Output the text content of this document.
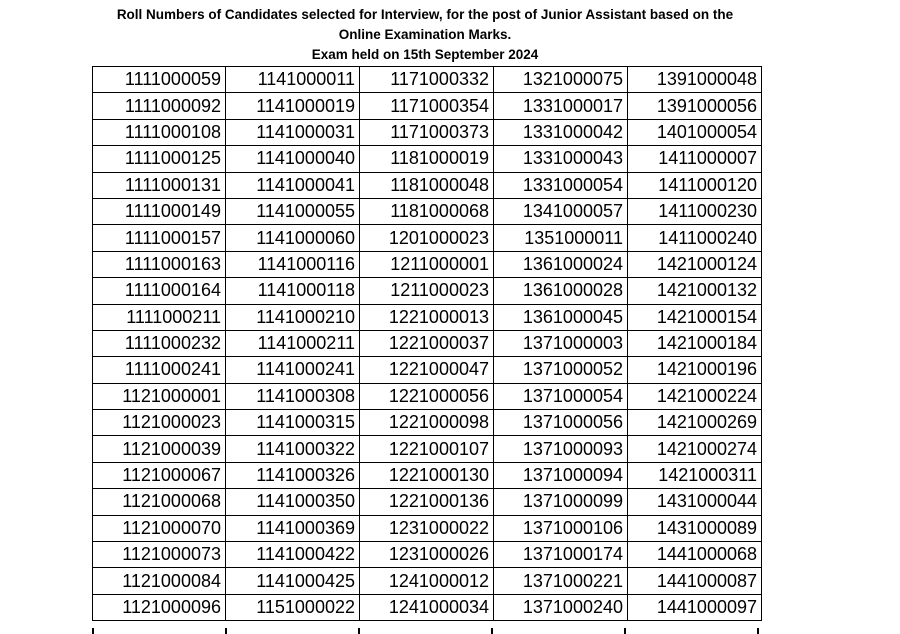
Roll Numbers of Candidates selected for Interview, for the post of Junior Assistant based on the
Online Examination Marks.
Exam held on 15th September 2024
1111000059	1141000011	1171000332	1321000075	1391000048
1111000092	1141000019	1171000354	1331000017	1391000056
1111000108	1141000031	1171000373	1331000042	1401000054
1111000125	1141000040	1181000019	1331000043	1411000007
1111000131	1141000041	1181000048	1331000054	1411000120
1111000149	1141000055	1181000068	1341000057	1411000230
1111000157	1141000060	1201000023	1351000011	1411000240
1111000163	1141000116	1211000001	1361000024	1421000124
1111000164	1141000118	1211000023	1361000028	1421000132
1111000211	1141000210	1221000013	1361000045	1421000154
1111000232	1141000211	1221000037	1371000003	1421000184
1111000241	1141000241	1221000047	1371000052	1421000196
1121000001	1141000308	1221000056	1371000054	1421000224
1121000023	1141000315	1221000098	1371000056	1421000269
1121000039	1141000322	1221000107	1371000093	1421000274
1121000067	1141000326	1221000130	1371000094	1421000311
1121000068	1141000350	1221000136	1371000099	1431000044
1121000070	1141000369	1231000022	1371000106	1431000089
1121000073	1141000422	1231000026	1371000174	1441000068
1121000084	1141000425	1241000012	1371000221	1441000087
1121000096	1151000022	1241000034	1371000240	1441000097
